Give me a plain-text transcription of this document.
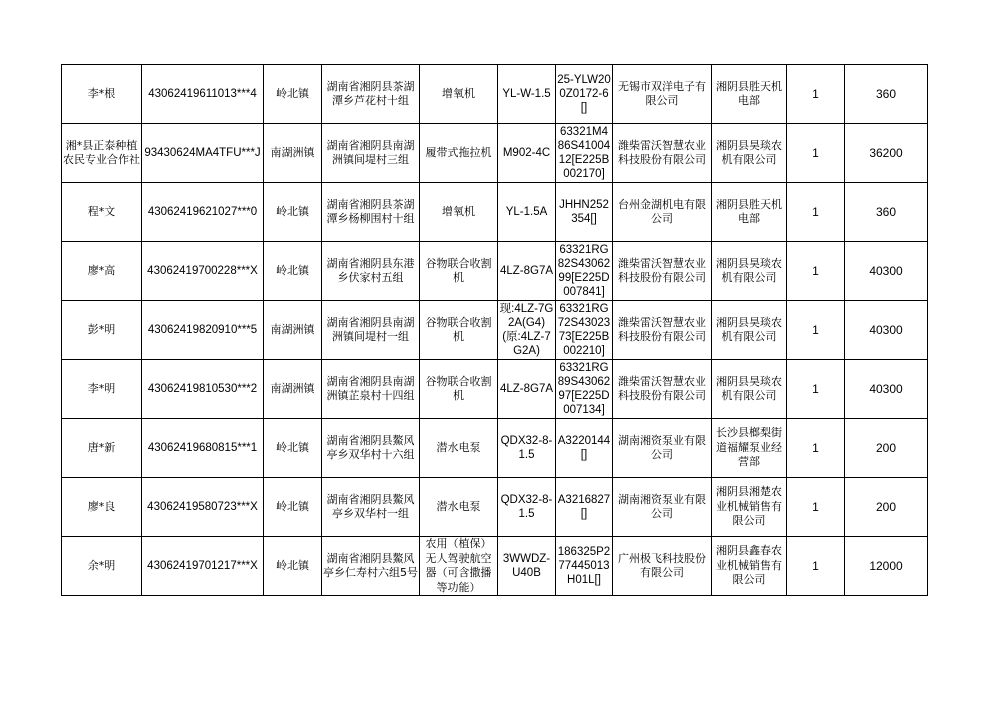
李*根	43062419611013***4	岭北镇	湖南省湘阴县茶湖潭乡芦花村十组	增氧机	YL-W-1.5	25-YLW200Z0172-6[]	无锡市双洋电子有限公司	湘阴县胜天机电部	1	360
湘*县正泰种植农民专业合作社	93430624MA4TFU***J	南湖洲镇	湖南省湘阴县南湖洲镇间堤村三组	履带式拖拉机	M902-4C	63321M486S4100412[E225B002170]	潍柴雷沃智慧农业科技股份有限公司	湘阴县昊琰农机有限公司	1	36200
程*文	43062419621027***0	岭北镇	湖南省湘阴县茶湖潭乡杨柳围村十组	增氧机	YL-1.5A	JHHN252354[]	台州金湖机电有限公司	湘阴县胜天机电部	1	360
廖*高	43062419700228***X	岭北镇	湖南省湘阴县东港乡伏家村五组	谷物联合收割机	4LZ-8G7A	63321RG82S4306299[E225D007841]	潍柴雷沃智慧农业科技股份有限公司	湘阴县昊琰农机有限公司	1	40300
彭*明	43062419820910***5	南湖洲镇	湖南省湘阴县南湖洲镇间堤村一组	谷物联合收割机	现:4LZ-7G2A(G4)(原:4LZ-7G2A)	63321RG72S4302373[E225B002210]	潍柴雷沃智慧农业科技股份有限公司	湘阴县昊琰农机有限公司	1	40300
李*明	43062419810530***2	南湖洲镇	湖南省湘阴县南湖洲镇芷泉村十四组	谷物联合收割机	4LZ-8G7A	63321RG89S4306297[E225D007134]	潍柴雷沃智慧农业科技股份有限公司	湘阴县昊琰农机有限公司	1	40300
唐*新	43062419680815***1	岭北镇	湖南省湘阴县鰲风亭乡双华村十六组	潜水电泵	QDX32-8-1.5	A3220144[]	湖南湘资泵业有限公司	长沙县榔梨街道福耀泵业经营部	1	200
廖*良	43062419580723***X	岭北镇	湖南省湘阴县鰲风亭乡双华村一组	潜水电泵	QDX32-8-1.5	A3216827[]	湖南湘资泵业有限公司	湘阴县湘楚农业机械销售有限公司	1	200
余*明	43062419701217***X	岭北镇	湖南省湘阴县鰲风亭乡仁寿村六组5号	农用（植保）无人驾驶航空器（可含撒播等功能）	3WWDZ-U40B	186325P277445013H01L[]	广州极飞科技股份有限公司	湘阴县鑫春农业机械销售有限公司	1	12000
